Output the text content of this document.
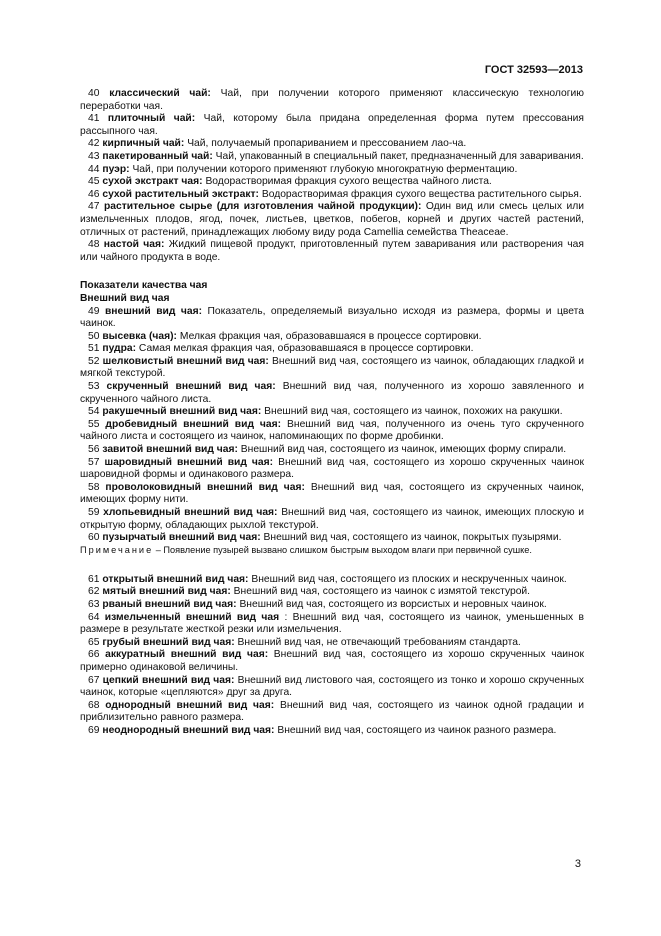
ГОСТ 32593—2013

40 классический чай: Чай, при получении которого применяют классическую технологию переработки чая.

41 плиточный чай: Чай, которому была придана определенная форма путем прессования рассыпного чая.

42 кирпичный чай: Чай, получаемый пропариванием и прессованием лао-ча.

43 пакетированный чай: Чай, упакованный в специальный пакет, предназначенный для заваривания.

44 пуэр: Чай, при получении которого применяют глубокую многократную ферментацию.

45 сухой экстракт чая: Водорастворимая фракция сухого вещества чайного листа.

46 сухой растительный экстракт: Водорастворимая фракция сухого вещества растительного сырья.

47 растительное сырье (для изготовления чайной продукции): Один вид или смесь целых или измельченных плодов, ягод, почек, листьев, цветков, побегов, корней и других частей растений, отличных от растений, принадлежащих любому виду рода Camellia семейства Theaceae.

48 настой чая: Жидкий пищевой продукт, приготовленный путем заваривания или растворения чая или чайного продукта в воде.

Показатели качества чая
Внешний вид чая

49 внешний вид чая: Показатель, определяемый визуально исходя из размера, формы и цвета чаинок.

50 высевка (чая): Мелкая фракция чая, образовавшаяся в процессе сортировки.

51 пудра: Самая мелкая фракция чая, образовавшаяся в процессе сортировки.

52 шелковистый внешний вид чая: Внешний вид чая, состоящего из чаинок, обладающих гладкой и мягкой текстурой.

53 скрученный внешний вид чая: Внешний вид чая, полученного из хорошо завяленного и скрученного чайного листа.

54 ракушечный внешний вид чая: Внешний вид чая, состоящего из чаинок, похожих на ракушки.

55 дробевидный внешний вид чая: Внешний вид чая, полученного из очень туго скрученного чайного листа и состоящего из чаинок, напоминающих по форме дробинки.

56 завитой внешний вид чая: Внешний вид чая, состоящего из чаинок, имеющих форму спирали.

57 шаровидный внешний вид чая: Внешний вид чая, состоящего из хорошо скрученных чаинок шаровидной формы и одинакового размера.

58 проволоковидный внешний вид чая: Внешний вид чая, состоящего из скрученных чаинок, имеющих форму нити.

59 хлопьевидный внешний вид чая: Внешний вид чая, состоящего из чаинок, имеющих плоскую и открытую форму, обладающих рыхлой текстурой.

60 пузырчатый внешний вид чая: Внешний вид чая, состоящего из чаинок, покрытых пузырями.

Примечание – Появление пузырей вызвано слишком быстрым выходом влаги при первичной сушке.

61 открытый внешний вид чая: Внешний вид чая, состоящего из плоских и нескрученных чаинок.

62 мятый внешний вид чая: Внешний вид чая, состоящего из чаинок с измятой текстурой.

63 рваный внешний вид чая: Внешний вид чая, состоящего из ворсистых и неровных чаинок.

64 измельченный внешний вид чая : Внешний вид чая, состоящего из чаинок, уменьшенных в размере в результате жесткой резки или измельчения.

65 грубый внешний вид чая: Внешний вид чая, не отвечающий требованиям стандарта.

66 аккуратный внешний вид чая: Внешний вид чая, состоящего из хорошо скрученных чаинок примерно одинаковой величины.

67 цепкий внешний вид чая: Внешний вид листового чая, состоящего из тонко и хорошо скрученных чаинок, которые «цепляются» друг за друга.

68 однородный внешний вид чая: Внешний вид чая, состоящего из чаинок одной градации и приблизительно равного размера.

69 неоднородный внешний вид чая: Внешний вид чая, состоящего из чаинок разного размера.

3
